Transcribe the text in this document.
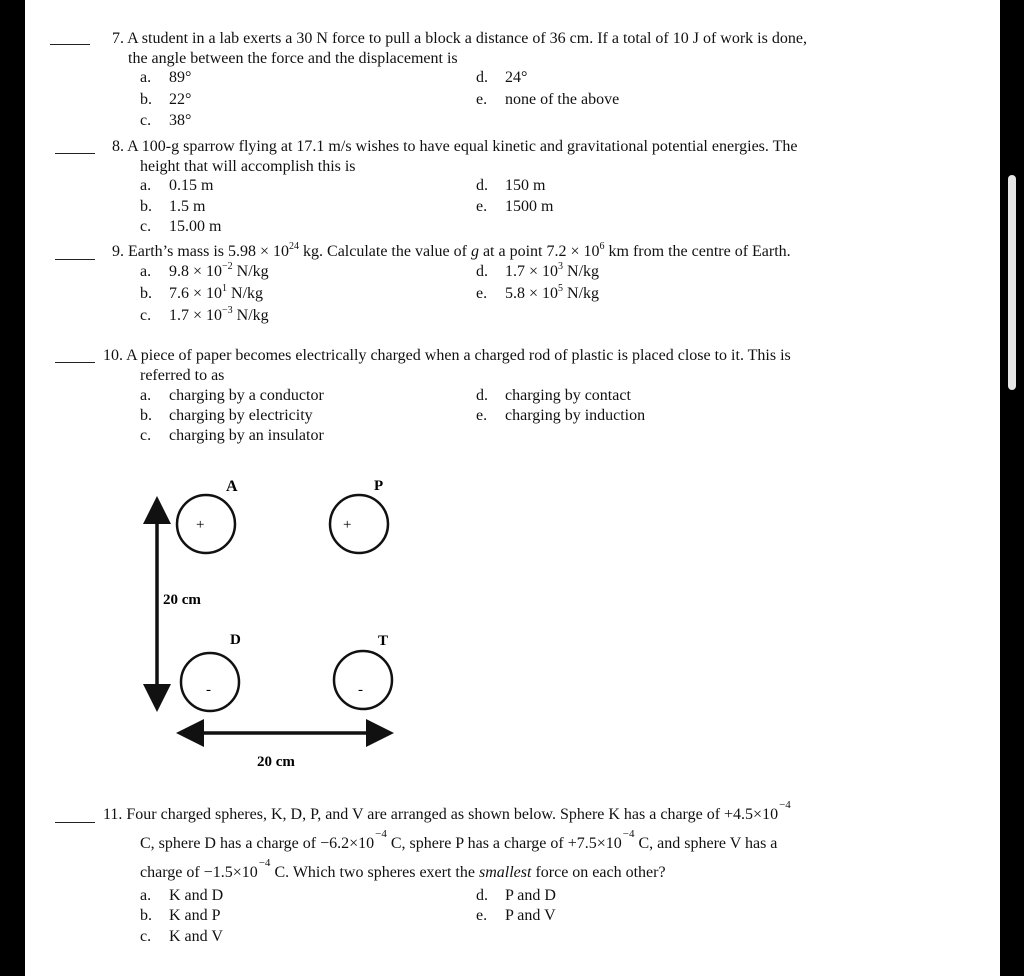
7. A student in a lab exerts a 30 N force to pull a block a distance of 36 cm. If a total of 10 J of work is done,
the angle between the force and the displacement is
a. 89°
b. 22°
c. 38°
d. 24°
e. none of the above
8. A 100-g sparrow flying at 17.1 m/s wishes to have equal kinetic and gravitational potential energies. The
height that will accomplish this is
a. 0.15 m
b. 1.5 m
c. 15.00 m
d. 150 m
e. 1500 m
9. Earth’s mass is $5.98 \times 10^{24}$ kg. Calculate the value of g at a point $7.2 \times 10^6$ km from the centre of Earth.
a. $9.8 \times 10^{-2}$ N/kg
b. $7.6 \times 10^1$ N/kg
c. $1.7 \times 10^{-3}$ N/kg
d. $1.7 \times 10^3$ N/kg
e. $5.8 \times 10^5$ N/kg
10. A piece of paper becomes electrically charged when a charged rod of plastic is placed close to it. This is
referred to as
a. charging by a conductor
b. charging by electricity
c. charging by an insulator
d. charging by contact
e. charging by induction
+
A
+
P
-
D
-
T
20 cm
20 cm
11. Four charged spheres, K, D, P, and V are arranged as shown below. Sphere K has a charge of $+4.5\times 10^{-4}$
C, sphere D has a charge of $-6.2\times 10^{-4}$ C, sphere P has a charge of $+7.5\times 10^{-4}$ C, and sphere V has a
charge of $-1.5\times 10^{-4}$ C. Which two spheres exert the smallest force on each other?
a. K and D
b. K and P
c. K and V
d. P and D
e. P and V
